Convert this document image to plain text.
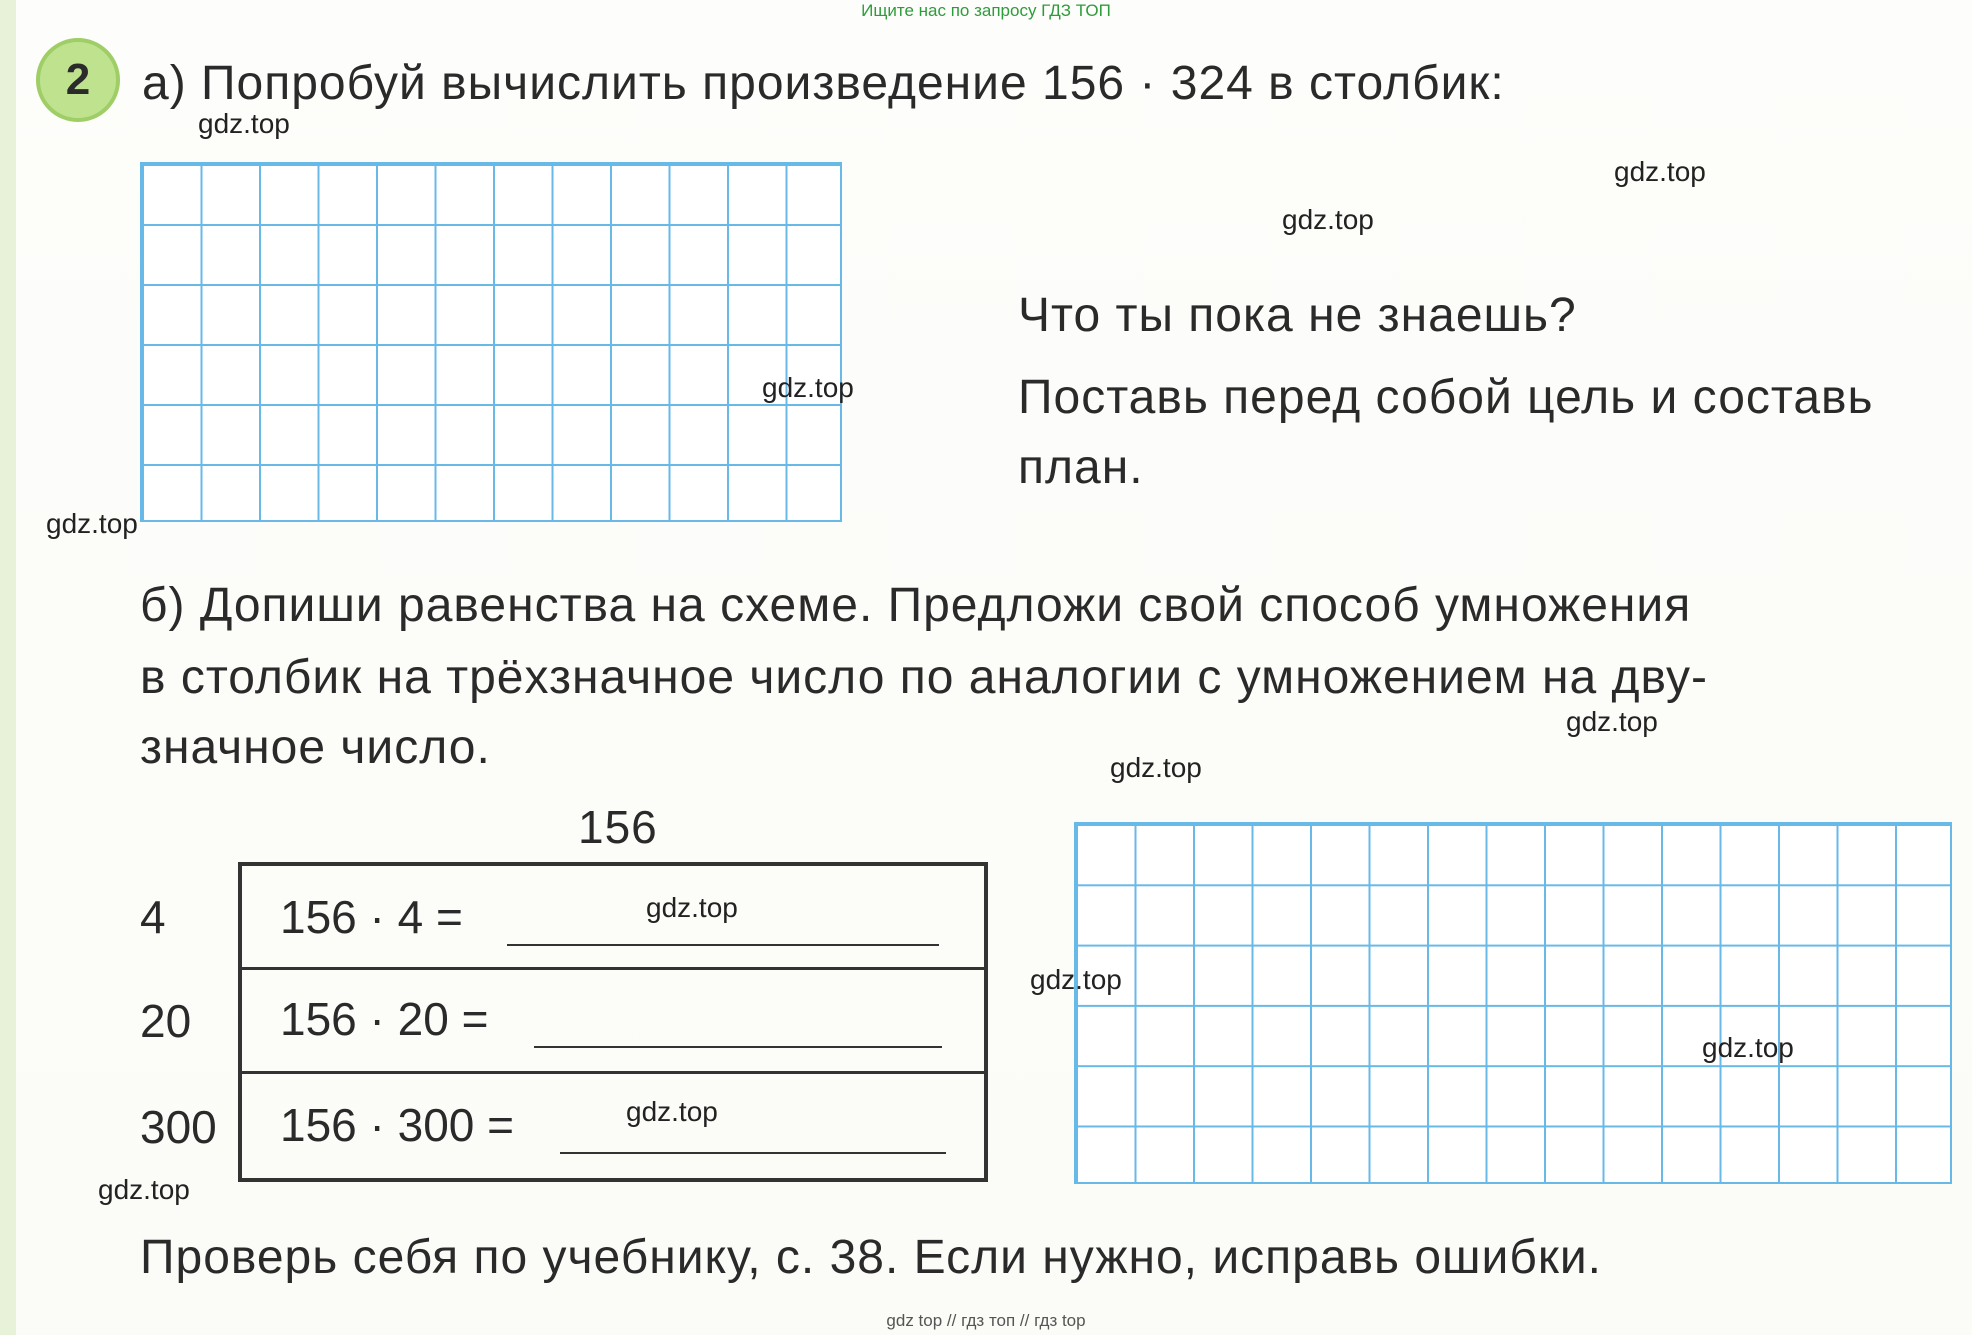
Ищите нас по запросу ГДЗ ТОП
2 а) Попробуй вычислить произведение 156 · 324 в столбик:
Что ты пока не знаешь?
Поставь перед собой цель и составь
план.
б) Допиши равенства на схеме. Предложи свой способ умножения
в столбик на трёхзначное число по аналогии с умножением на дву-
значное число.
156
4
20
300
156 · 4 =
156 · 20 =
156 · 300 =
Проверь себя по учебнику, с. 38. Если нужно, исправь ошибки.
gdz.top
gdz.top
gdz.top
gdz.top
gdz.top
gdz.top
gdz.top
gdz.top
gdz.top
gdz.top
gdz.top
gdz.top
gdz top // гдз топ // гдз top
